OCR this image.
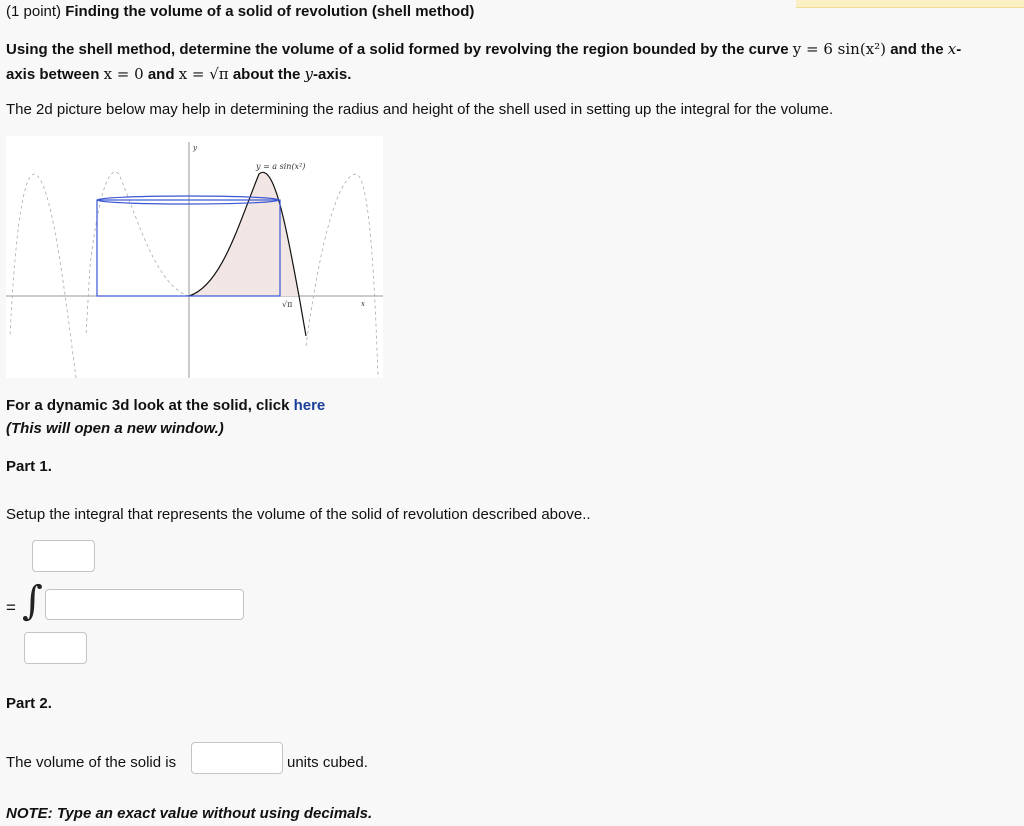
(1 point) Finding the volume of a solid of revolution (shell method)
Using the shell method, determine the volume of a solid formed by revolving the region bounded by the curve y = 6 sin(x²) and the x-
axis between x = 0 and x = √π about the y-axis.
The 2d picture below may help in determining the radius and height of the shell used in setting up the integral for the volume.
y
x
y = a sin(x²)
√π
For a dynamic 3d look at the solid, click here
(This will open a new window.)
Part 1.
Setup the integral that represents the volume of the solid of revolution described above..
= ∫
Part 2.
The volume of the solid is	units cubed.
NOTE: Type an exact value without using decimals.
